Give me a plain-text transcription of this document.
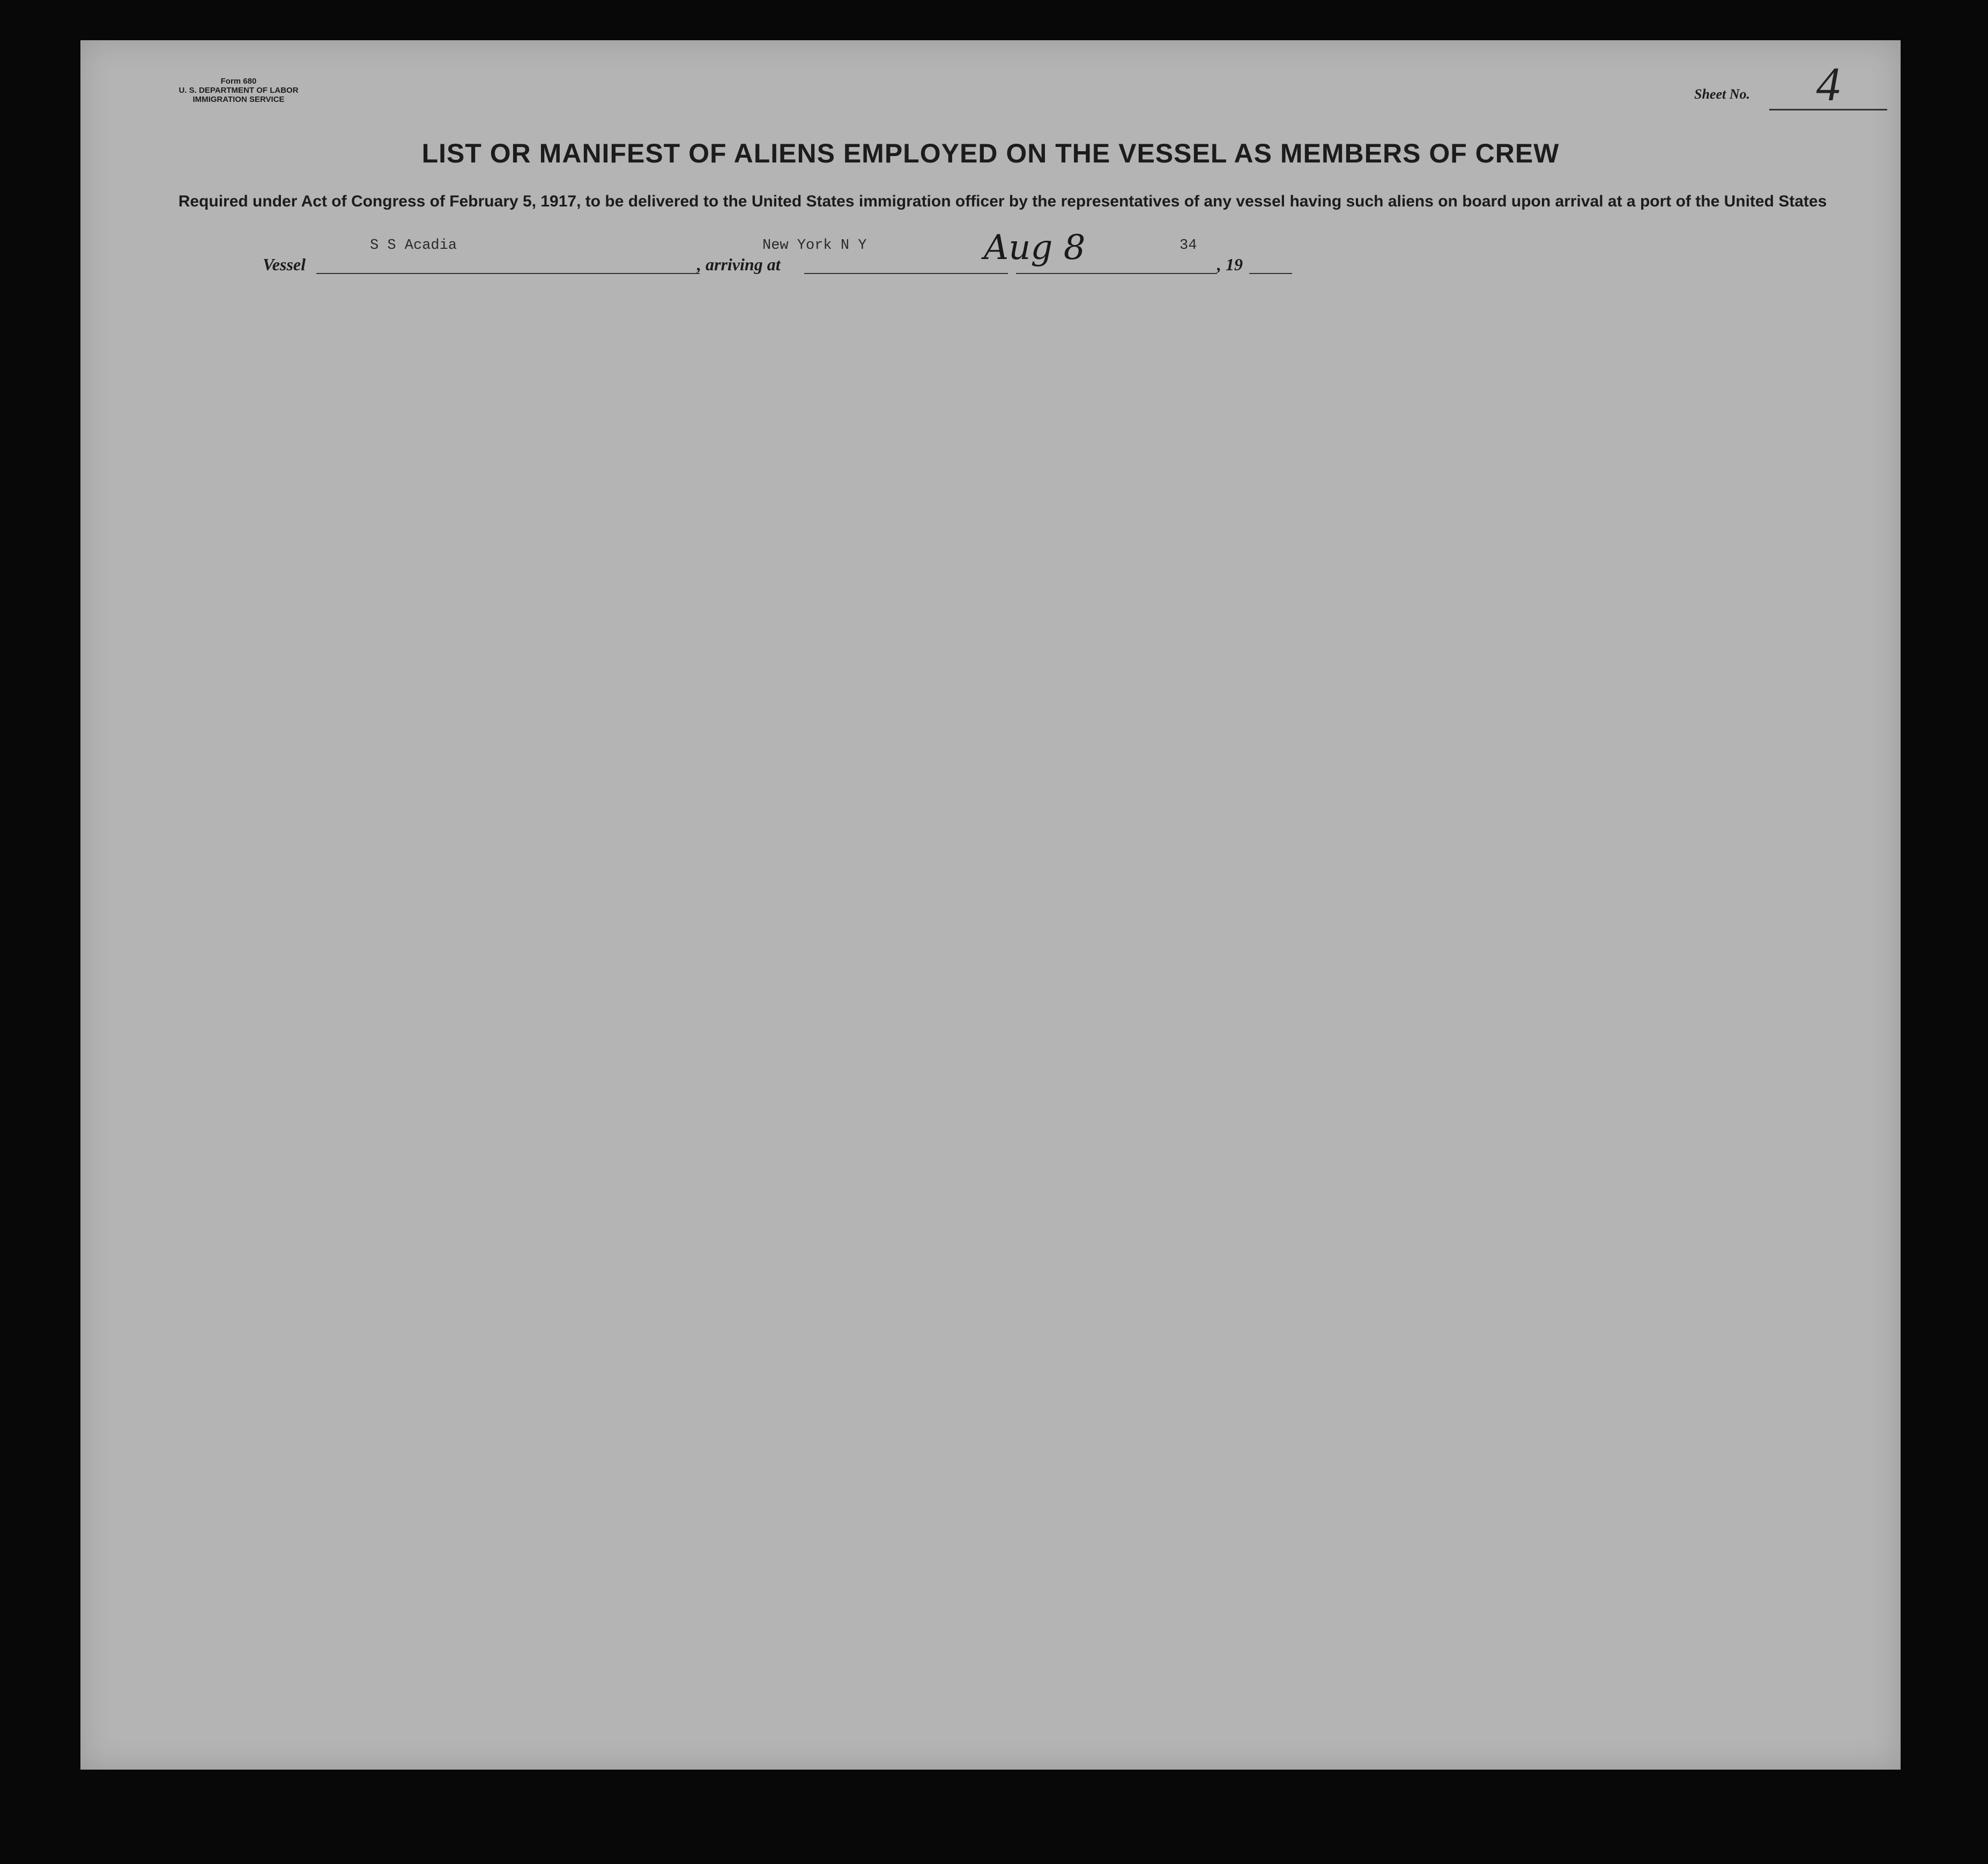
Form 680
U. S. DEPARTMENT OF LABOR
IMMIGRATION SERVICE	Sheet No.	4
LIST OR MANIFEST OF ALIENS EMPLOYED ON THE VESSEL AS MEMBERS OF CREW
Required under Act of Congress of February 5, 1917, to be delivered to the United States immigration officer by the representatives of any vessel having such aliens on board upon arrival at a port of the United States
Vessel
S S Acadia
, arriving at
New York N Y	Aug 8	, 19
34
